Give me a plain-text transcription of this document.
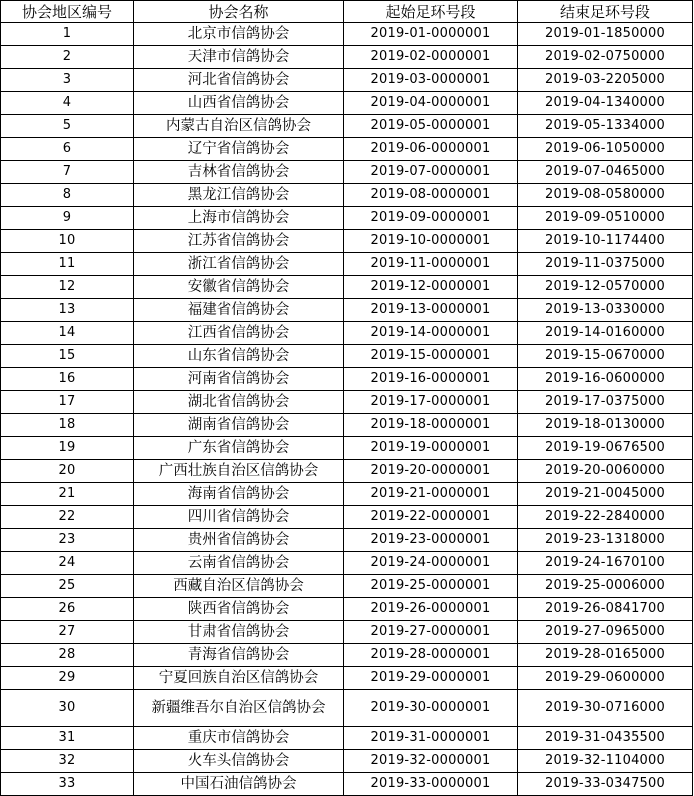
协会地区编号	协会名称	起始足环号段	结束足环号段
1	北京市信鸽协会	2019-01-0000001	2019-01-1850000
2	天津市信鸽协会	2019-02-0000001	2019-02-0750000
3	河北省信鸽协会	2019-03-0000001	2019-03-2205000
4	山西省信鸽协会	2019-04-0000001	2019-04-1340000
5	内蒙古自治区信鸽协会	2019-05-0000001	2019-05-1334000
6	辽宁省信鸽协会	2019-06-0000001	2019-06-1050000
7	吉林省信鸽协会	2019-07-0000001	2019-07-0465000
8	黑龙江信鸽协会	2019-08-0000001	2019-08-0580000
9	上海市信鸽协会	2019-09-0000001	2019-09-0510000
10	江苏省信鸽协会	2019-10-0000001	2019-10-1174400
11	浙江省信鸽协会	2019-11-0000001	2019-11-0375000
12	安徽省信鸽协会	2019-12-0000001	2019-12-0570000
13	福建省信鸽协会	2019-13-0000001	2019-13-0330000
14	江西省信鸽协会	2019-14-0000001	2019-14-0160000
15	山东省信鸽协会	2019-15-0000001	2019-15-0670000
16	河南省信鸽协会	2019-16-0000001	2019-16-0600000
17	湖北省信鸽协会	2019-17-0000001	2019-17-0375000
18	湖南省信鸽协会	2019-18-0000001	2019-18-0130000
19	广东省信鸽协会	2019-19-0000001	2019-19-0676500
20	广西壮族自治区信鸽协会	2019-20-0000001	2019-20-0060000
21	海南省信鸽协会	2019-21-0000001	2019-21-0045000
22	四川省信鸽协会	2019-22-0000001	2019-22-2840000
23	贵州省信鸽协会	2019-23-0000001	2019-23-1318000
24	云南省信鸽协会	2019-24-0000001	2019-24-1670100
25	西藏自治区信鸽协会	2019-25-0000001	2019-25-0006000
26	陕西省信鸽协会	2019-26-0000001	2019-26-0841700
27	甘肃省信鸽协会	2019-27-0000001	2019-27-0965000
28	青海省信鸽协会	2019-28-0000001	2019-28-0165000
29	宁夏回族自治区信鸽协会	2019-29-0000001	2019-29-0600000
30	新疆维吾尔自治区信鸽协会	2019-30-0000001	2019-30-0716000
31	重庆市信鸽协会	2019-31-0000001	2019-31-0435500
32	火车头信鸽协会	2019-32-0000001	2019-32-1104000
33	中国石油信鸽协会	2019-33-0000001	2019-33-0347500
